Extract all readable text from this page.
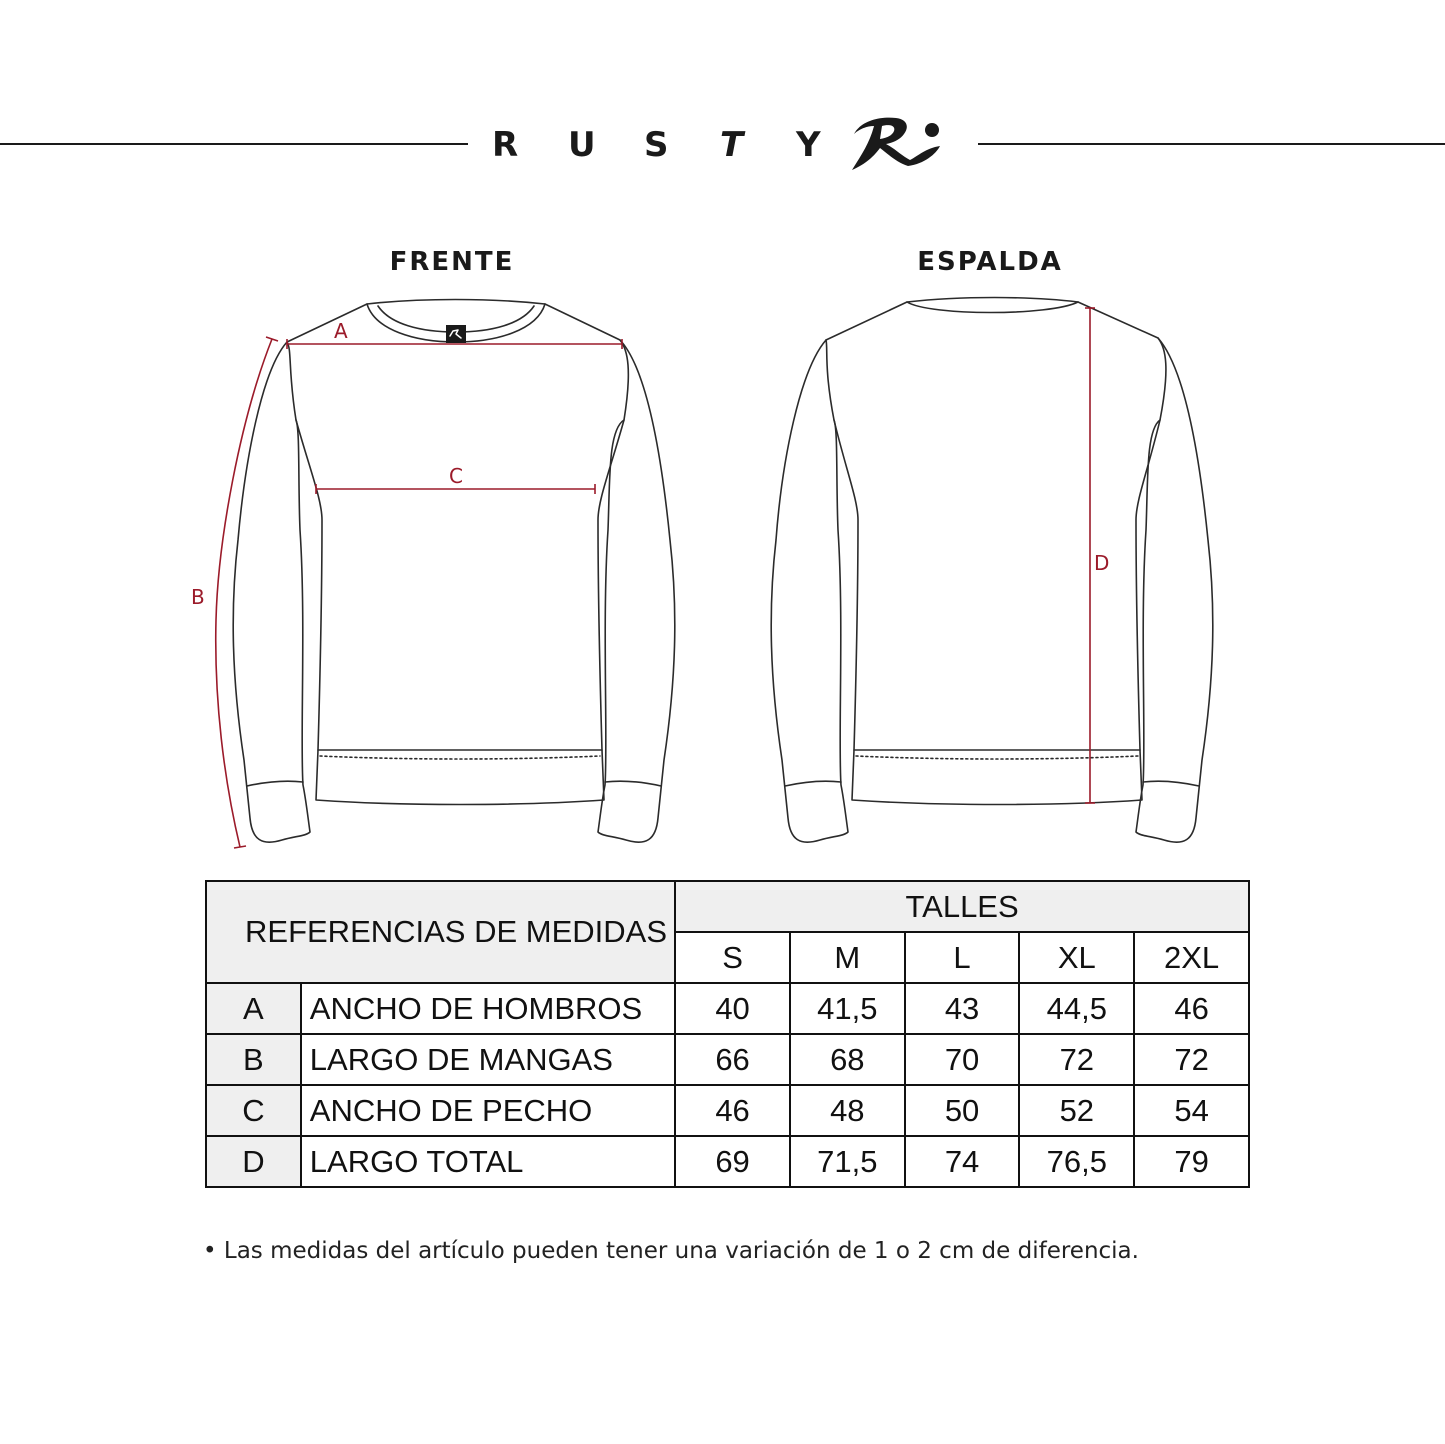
R	U	S	T	Y
FRENTE	ESPALDA
A
C
B
D
REFERENCIAS DE MEDIDAS		TALLES				
		S	M	L	XL	2XL
A	ANCHO DE HOMBROS	40	41,5	43	44,5	46
B	LARGO DE MANGAS	66	68	70	72	72
C	ANCHO DE PECHO	46	48	50	52	54
D	LARGO TOTAL	69	71,5	74	76,5	79
• Las medidas del artículo pueden tener una variación de 1 o 2 cm de diferencia.
